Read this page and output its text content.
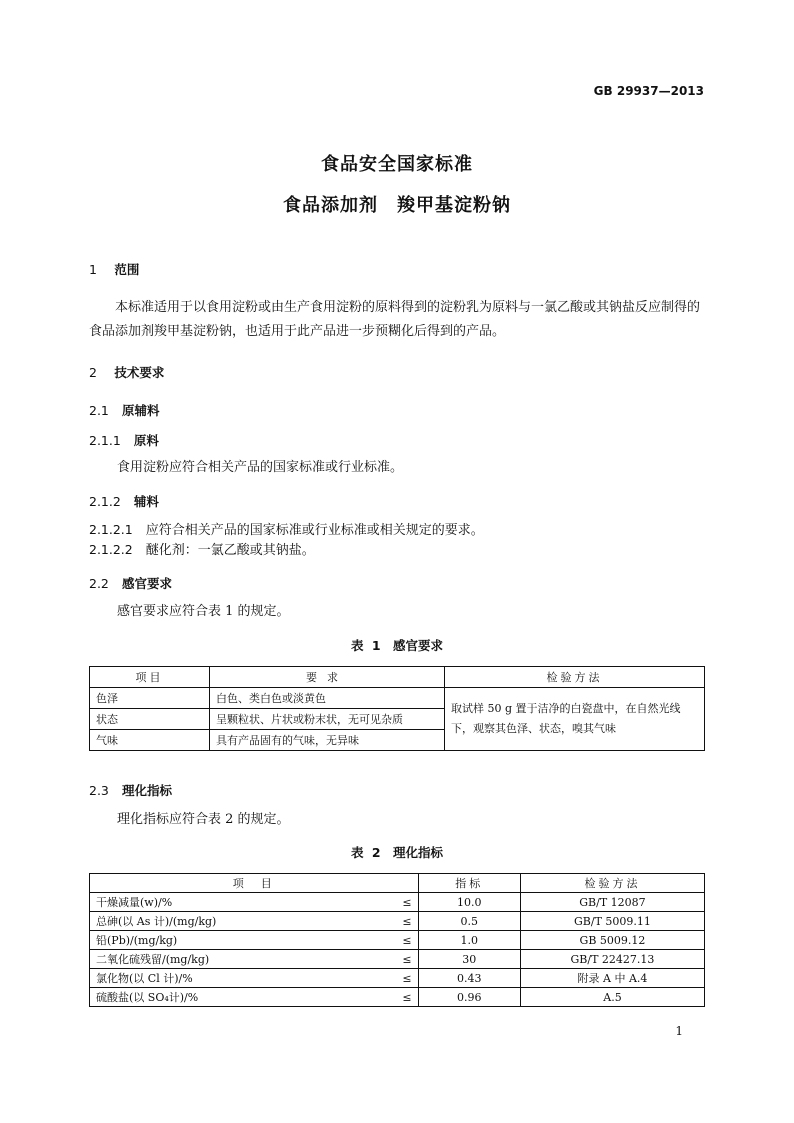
GB 29937—2013
食品安全国家标准
食品添加剂　羧甲基淀粉钠
1 范围
本标准适用于以食用淀粉或由生产食用淀粉的原料得到的淀粉乳为原料与一氯乙酸或其钠盐反应制得的食品添加剂羧甲基淀粉钠，也适用于此产品进一步预糊化后得到的产品。
2 技术要求
2.1 原辅料
2.1.1 原料
食用淀粉应符合相关产品的国家标准或行业标准。
2.1.2 辅料
2.1.2.1　 应符合相关产品的国家标准或行业标准或相关规定的要求。
2.1.2.2　 醚化剂：一氯乙酸或其钠盐。
2.2 感官要求
感官要求应符合表 1 的规定。
表 1　感官要求
项目	要求	检验方法
色泽	白色、类白色或淡黄色	取试样 50 g 置于洁净的白瓷盘中，在自然光线下，观察其色泽、状态，嗅其气味
状态	呈颗粒状、片状或粉末状，无可见杂质	
气味	具有产品固有的气味，无异味	
2.3 理化指标
理化指标应符合表 2 的规定。
表 2　理化指标
项　目		指标	检验方法
干燥减量(w)/%	≤	10.0	GB/T 12087
总砷(以 As 计)/(mg/kg)	≤	0.5	GB/T 5009.11
铅(Pb)/(mg/kg)	≤	1.0	GB 5009.12
二氧化硫残留/(mg/kg)	≤	30	GB/T 22427.13
氯化物(以 Cl 计)/%	≤	0.43	附录 A 中 A.4
硫酸盐(以 SO₄计)/%	≤	0.96	A.5
1
